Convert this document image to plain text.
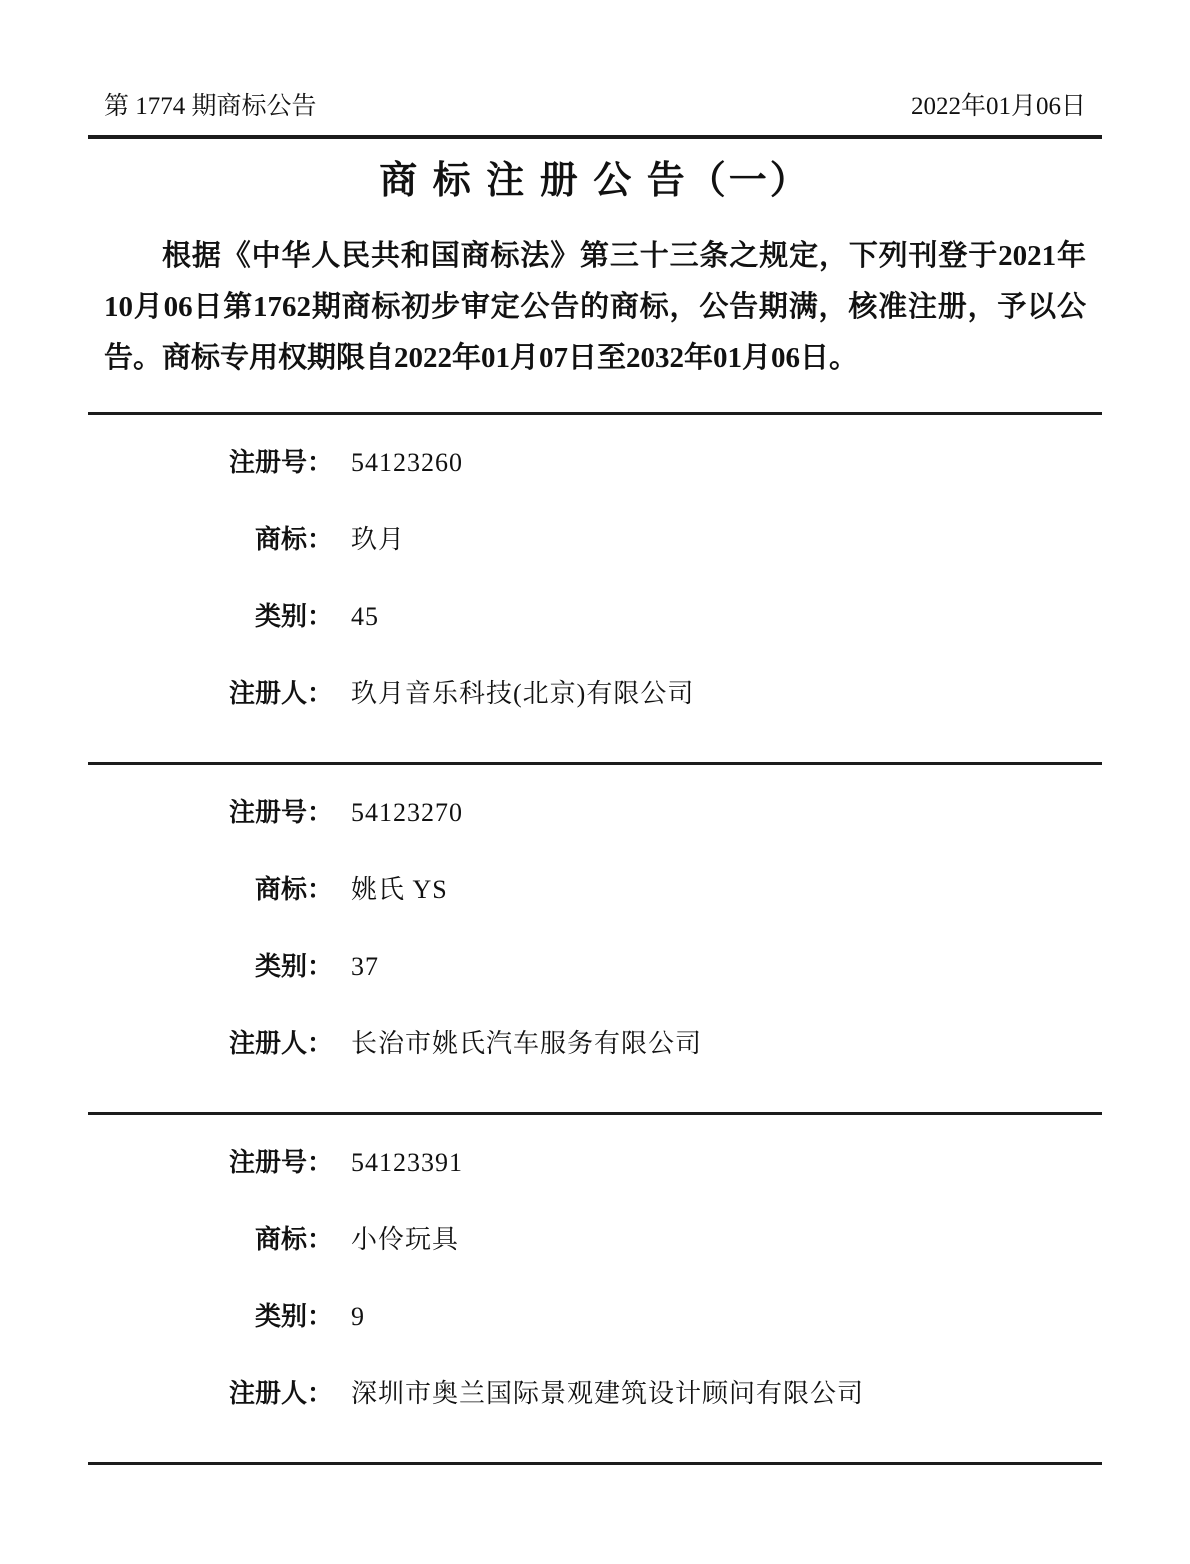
第 1774 期商标公告	2022年01月06日
商 标 注 册 公 告（一）

根据《中华人民共和国商标法》第三十三条之规定，下列刊登于2021年10月06日第1762期商标初步审定公告的商标，公告期满，核准注册，予以公告。商标专用权期限自2022年01月07日至2032年01月06日。

注册号： 54123260
商标： 玖月
类别： 45
注册人： 玖月音乐科技(北京)有限公司
注册号： 54123270
商标： 姚氏 YS
类别： 37
注册人： 长治市姚氏汽车服务有限公司
注册号： 54123391
商标： 小伶玩具
类别： 9
注册人： 深圳市奥兰国际景观建筑设计顾问有限公司
